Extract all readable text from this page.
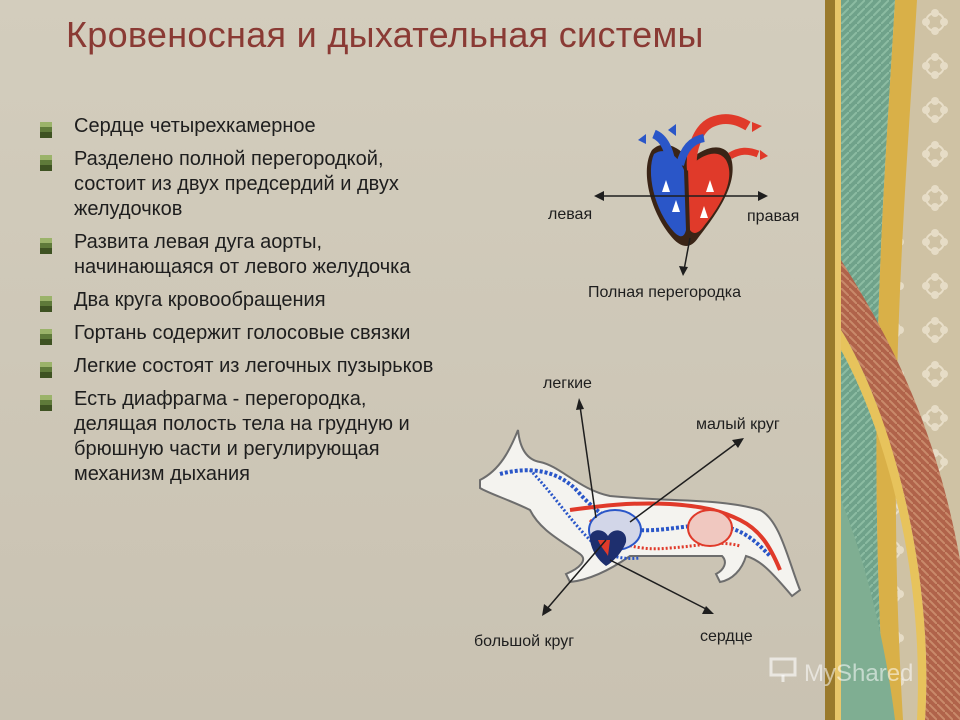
Кровеносная и дыхательная системы
Сердце четырехкамерное
Разделено полной перегородкой, состоит из двух предсердий и двух желудочков
Развита левая дуга аорты, начинающаяся от левого желудочка
Два круга кровообращения
Гортань содержит голосовые связки
Легкие состоят из легочных пузырьков
Есть диафрагма - перегородка, делящая полость тела на грудную и брюшную части и регулирующая механизм дыхания
левая	правая
Полная перегородка
легкие
малый круг
большой круг	сердце
MyShared
